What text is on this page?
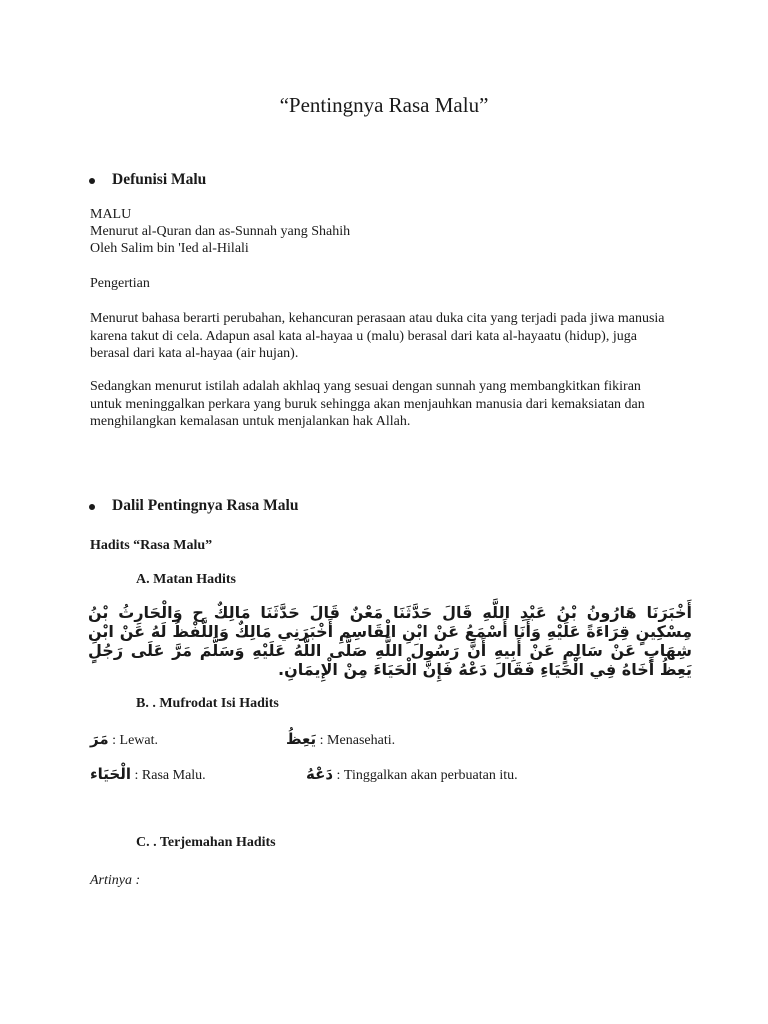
“Pentingnya Rasa Malu”
Defunisi Malu

MALU

Menurut al-Quran dan as-Sunnah yang Shahih

Oleh Salim bin 'Ied al-Hilali

Pengertian

Menurut bahasa berarti perubahan, kehancuran perasaan atau duka cita yang terjadi pada jiwa manusia karena takut di cela. Adapun asal kata al-hayaa u (malu) berasal dari kata al-hayaatu (hidup), juga berasal dari kata al-hayaa (air hujan).

Sedangkan menurut istilah adalah akhlaq yang sesuai dengan sunnah yang membangkitkan fikiran untuk meninggalkan perkara yang buruk sehingga akan menjauhkan manusia dari kemaksiatan dan menghilangkan kemalasan untuk menjalankan hak Allah.

Dalil Pentingnya Rasa Malu

Hadits “Rasa Malu”

A. Matan Hadits

أَخْبَرَنَا هَارُونُ بْنُ عَبْدِ اللَّهِ قَالَ حَدَّثَنَا مَعْنٌ قَالَ حَدَّثَنَا مَالِكٌ ح وَالْحَارِثُ بْنُ مِسْكِينٍ قِرَاءَةً عَلَيْهِ وَأَنَا أَسْمَعُ عَنْ ابْنِ الْقَاسِمِ أَخْبَرَنِي مَالِكٌ وَاللَّفْظُ لَهُ عَنْ ابْنِ شِهَابٍ عَنْ سَالِمٍ عَنْ أَبِيهِ أَنَّ رَسُولَ اللَّهِ صَلَّى اللَّهُ عَلَيْهِ وَسَلَّمَ مَرَّ عَلَى رَجُلٍ يَعِظُ أَخَاهُ فِي الْحَيَاءِ فَقَالَ دَعْهُ فَإِنَّ الْحَيَاءَ مِنْ الْإِيمَانِ.

B. . Mufrodat Isi Hadits

مَرَ : Lewat.	يَعِظُ : Menasehati.

الْحَيَاء : Rasa Malu.	دَعْهُ : Tinggalkan akan perbuatan itu.

C. . Terjemahan Hadits

Artinya :
